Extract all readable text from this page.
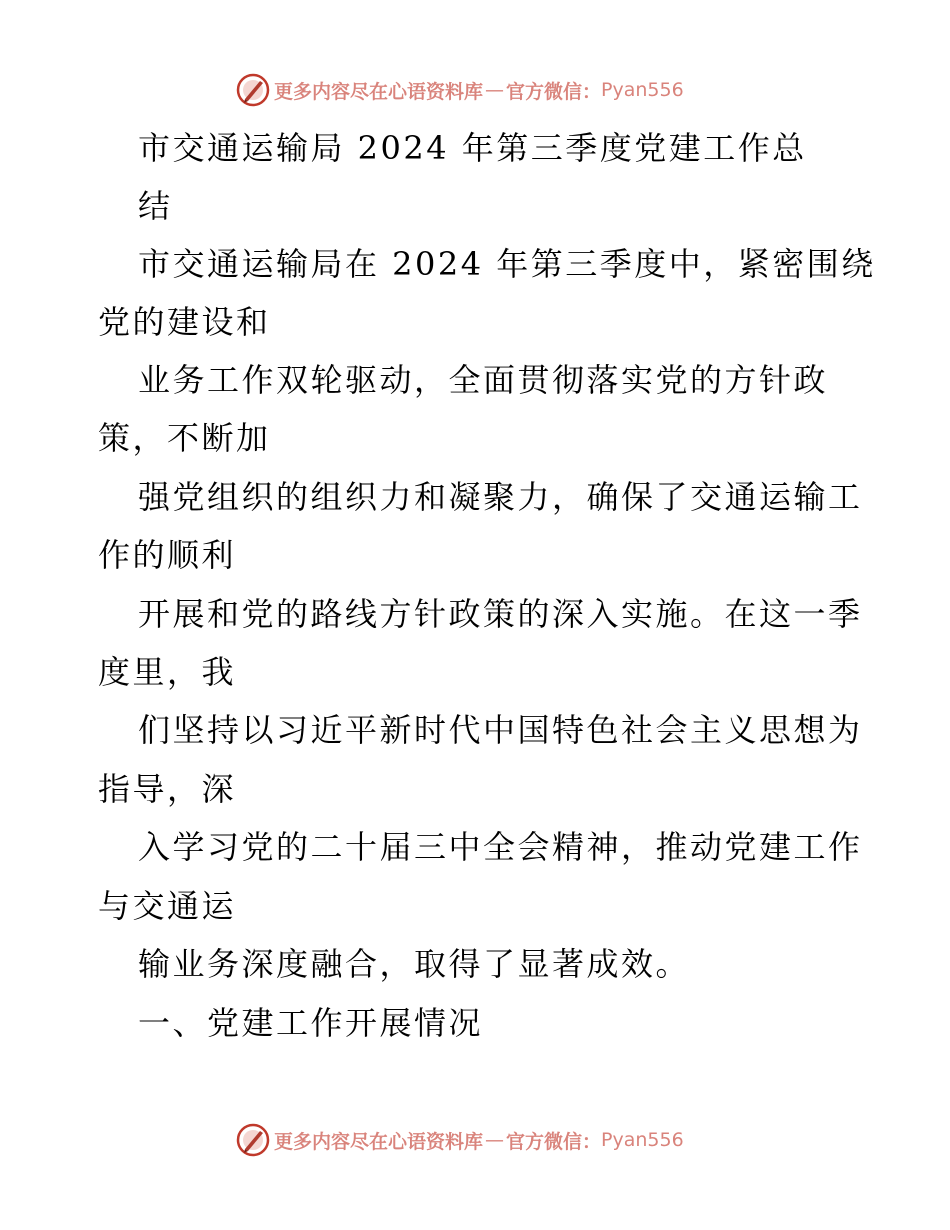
更多内容尽在心语资料库 — 官方微信： Pyan556
市交通运输局 2024 年第三季度党建工作总
结
市交通运输局在 2024 年第三季度中，紧密围绕
党的建设和
业务工作双轮驱动，全面贯彻落实党的方针政
策，不断加
强党组织的组织力和凝聚力，确保了交通运输工
作的顺利
开展和党的路线方针政策的深入实施。在这一季
度里，我
们坚持以习近平新时代中国特色社会主义思想为
指导，深
入学习党的二十届三中全会精神，推动党建工作
与交通运
输业务深度融合，取得了显著成效。
一、党建工作开展情况
更多内容尽在心语资料库 — 官方微信： Pyan556
